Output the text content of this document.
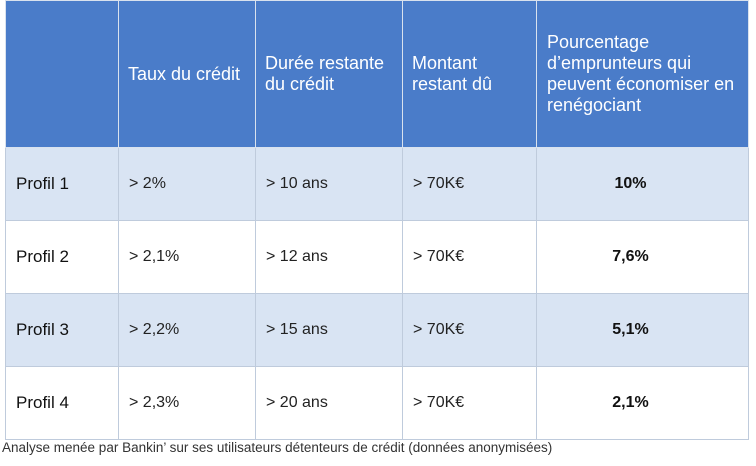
	Taux du crédit	Durée restante du crédit	Montant restant dû	Pourcentage d’emprunteurs qui peuvent économiser en renégociant
Profil 1	> 2%	> 10 ans	> 70K€	10%
Profil 2	> 2,1%	> 12 ans	> 70K€	7,6%
Profil 3	> 2,2%	> 15 ans	> 70K€	5,1%
Profil 4	> 2,3%	> 20 ans	> 70K€	2,1%
Analyse menée par Bankin’ sur ses utilisateurs détenteurs de crédit (données anonymisées)
